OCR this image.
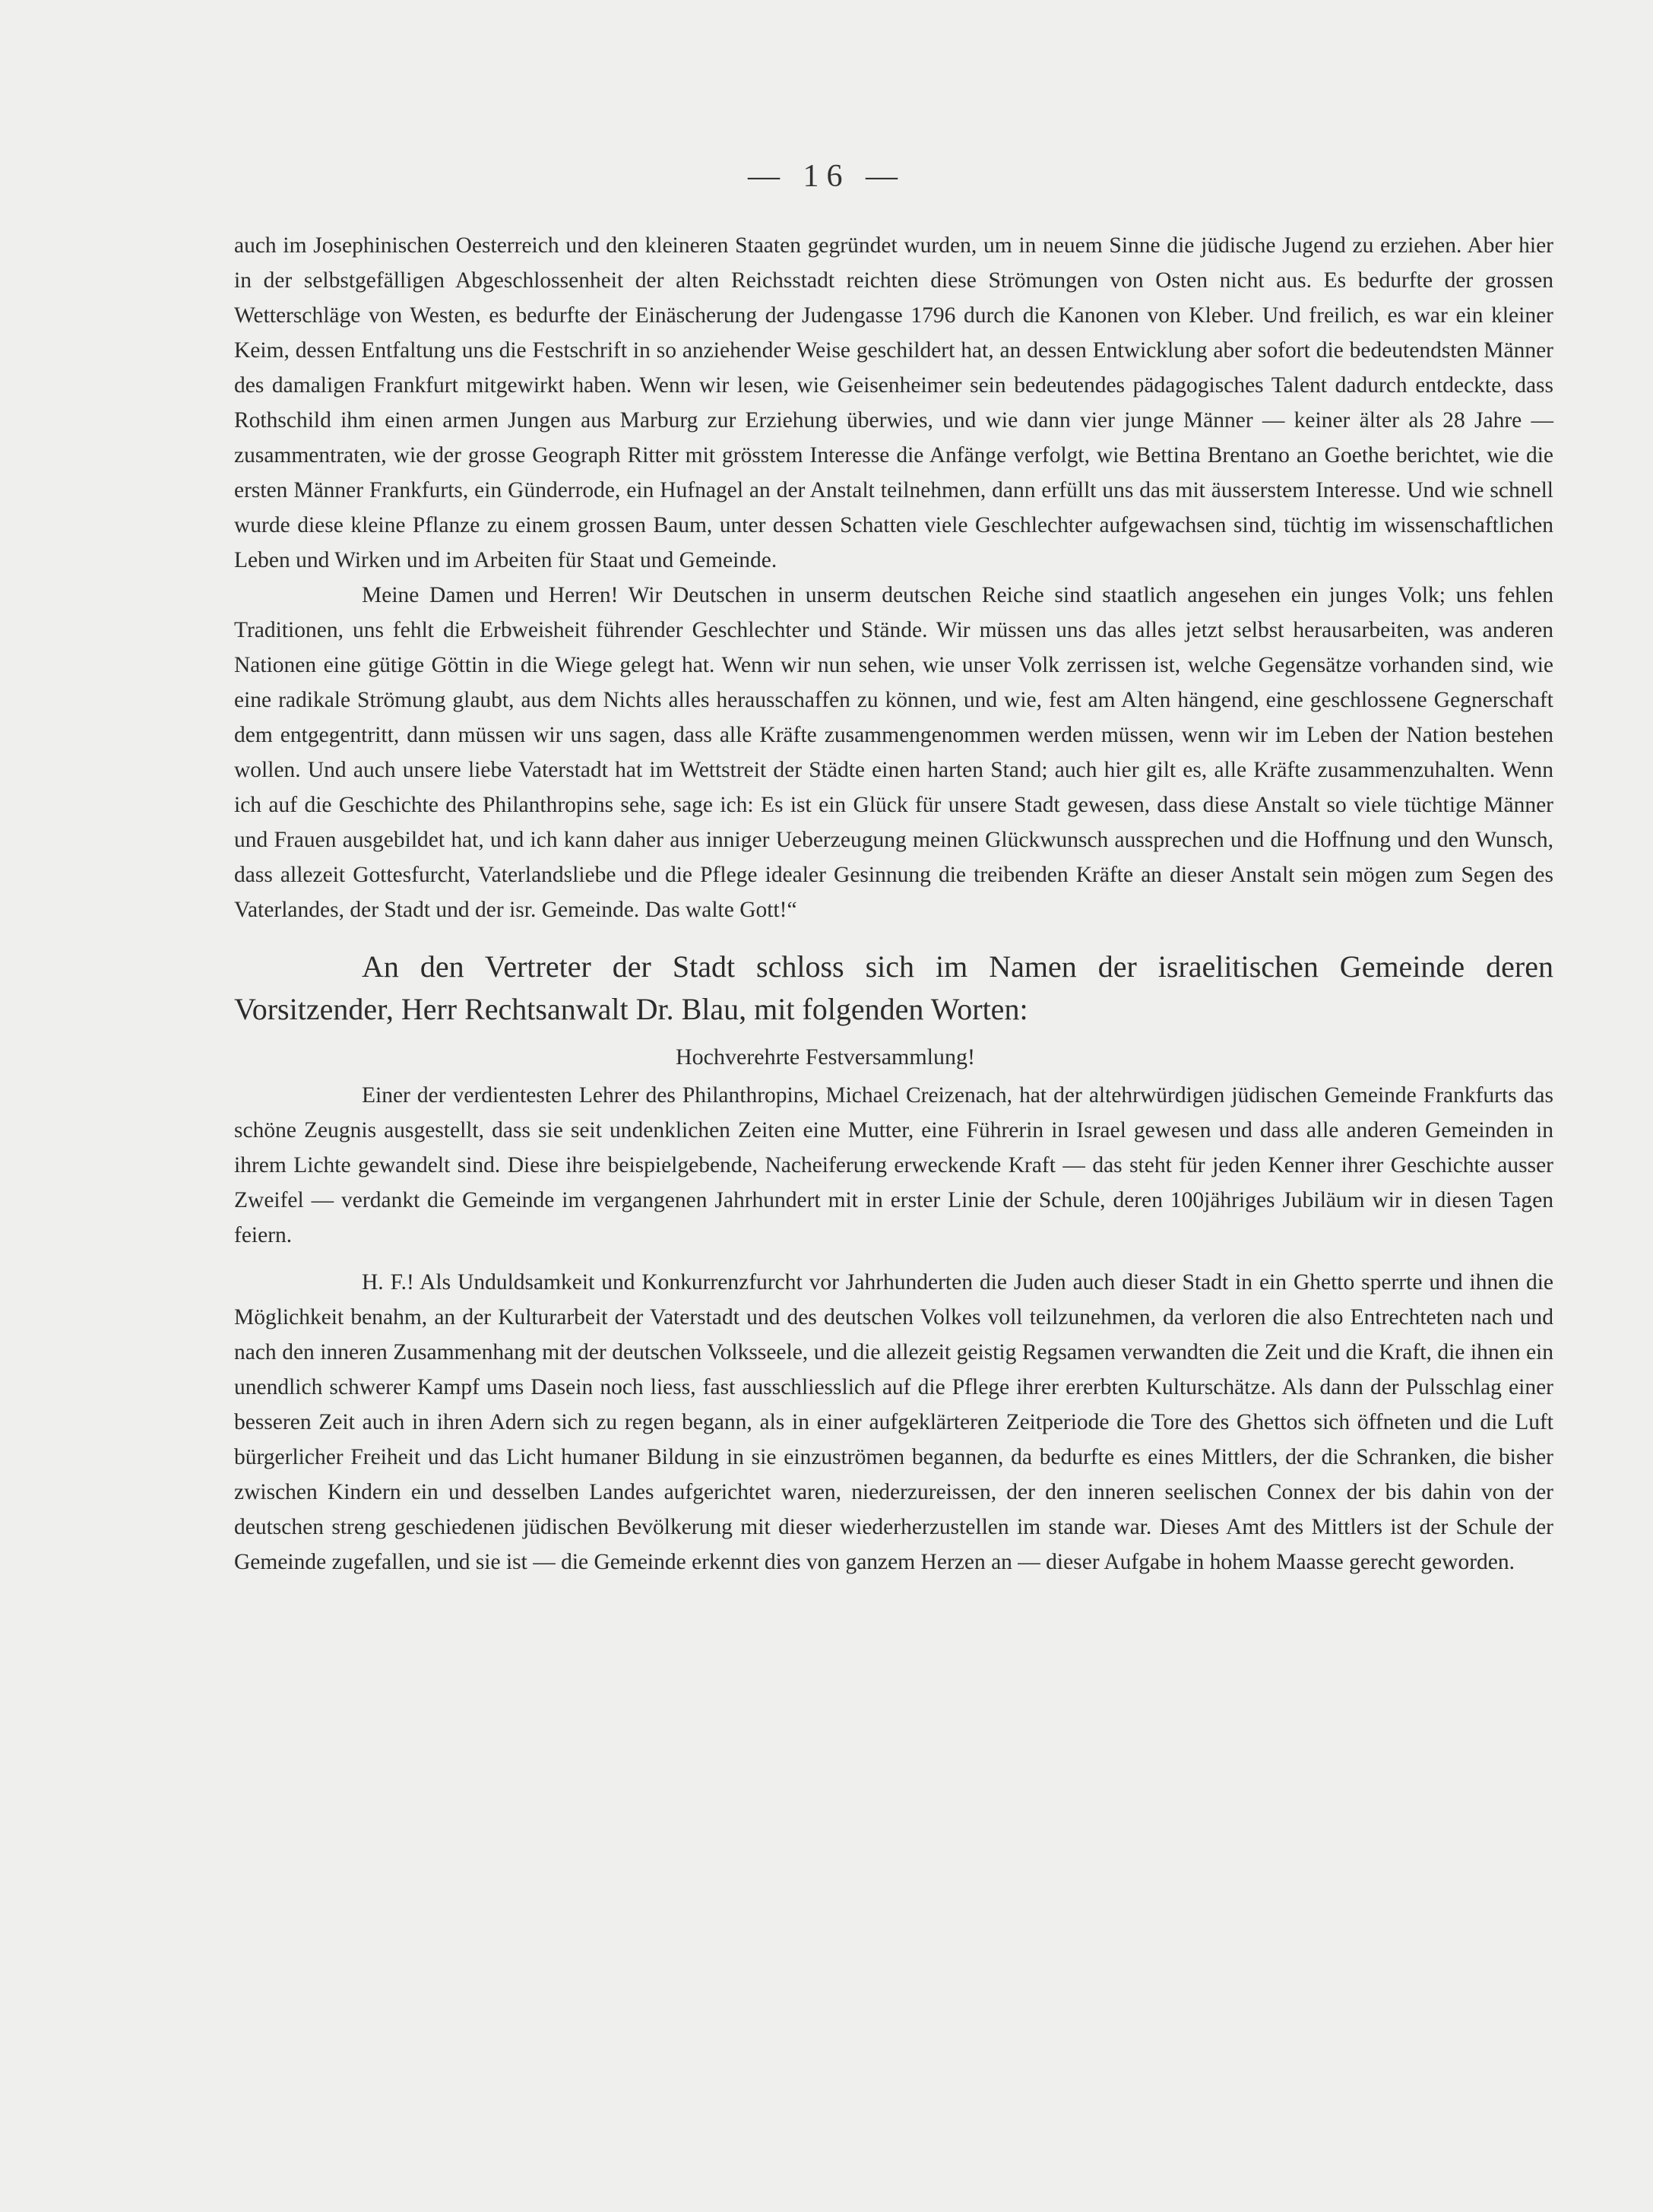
— 16 —

auch im Josephinischen Oesterreich und den kleineren Staaten gegründet wurden, um in neuem Sinne die jüdische Jugend zu erziehen. Aber hier in der selbstgefälligen Abgeschlossenheit der alten Reichsstadt reichten diese Strömungen von Osten nicht aus. Es bedurfte der grossen Wetterschläge von Westen, es bedurfte der Einäscherung der Judengasse 1796 durch die Kanonen von Kleber. Und freilich, es war ein kleiner Keim, dessen Entfaltung uns die Festschrift in so anziehender Weise geschildert hat, an dessen Entwicklung aber sofort die bedeutendsten Männer des damaligen Frankfurt mitgewirkt haben. Wenn wir lesen, wie Geisenheimer sein bedeutendes pädagogisches Talent dadurch entdeckte, dass Rothschild ihm einen armen Jungen aus Marburg zur Erziehung überwies, und wie dann vier junge Männer — keiner älter als 28 Jahre — zusammentraten, wie der grosse Geograph Ritter mit grösstem Interesse die Anfänge verfolgt, wie Bettina Brentano an Goethe berichtet, wie die ersten Männer Frankfurts, ein Günderrode, ein Hufnagel an der Anstalt teilnehmen, dann erfüllt uns das mit äusserstem Interesse. Und wie schnell wurde diese kleine Pflanze zu einem grossen Baum, unter dessen Schatten viele Geschlechter aufgewachsen sind, tüchtig im wissenschaftlichen Leben und Wirken und im Arbeiten für Staat und Gemeinde.

Meine Damen und Herren! Wir Deutschen in unserm deutschen Reiche sind staatlich angesehen ein junges Volk; uns fehlen Traditionen, uns fehlt die Erbweisheit führender Geschlechter und Stände. Wir müssen uns das alles jetzt selbst herausarbeiten, was anderen Nationen eine gütige Göttin in die Wiege gelegt hat. Wenn wir nun sehen, wie unser Volk zerrissen ist, welche Gegensätze vorhanden sind, wie eine radikale Strömung glaubt, aus dem Nichts alles herausschaffen zu können, und wie, fest am Alten hängend, eine geschlossene Gegnerschaft dem entgegentritt, dann müssen wir uns sagen, dass alle Kräfte zusammengenommen werden müssen, wenn wir im Leben der Nation bestehen wollen. Und auch unsere liebe Vaterstadt hat im Wettstreit der Städte einen harten Stand; auch hier gilt es, alle Kräfte zusammenzuhalten. Wenn ich auf die Geschichte des Philanthropins sehe, sage ich: Es ist ein Glück für unsere Stadt gewesen, dass diese Anstalt so viele tüchtige Männer und Frauen ausgebildet hat, und ich kann daher aus inniger Ueberzeugung meinen Glückwunsch aussprechen und die Hoffnung und den Wunsch, dass allezeit Gottesfurcht, Vaterlandsliebe und die Pflege idealer Gesinnung die treibenden Kräfte an dieser Anstalt sein mögen zum Segen des Vaterlandes, der Stadt und der isr. Gemeinde. Das walte Gott!“

An den Vertreter der Stadt schloss sich im Namen der israelitischen Gemeinde deren Vorsitzender, Herr Rechtsanwalt Dr. Blau, mit folgenden Worten:
Hochverehrte Festversammlung!

Einer der verdientesten Lehrer des Philanthropins, Michael Creizenach, hat der altehrwürdigen jüdischen Gemeinde Frankfurts das schöne Zeugnis ausgestellt, dass sie seit undenklichen Zeiten eine Mutter, eine Führerin in Israel gewesen und dass alle anderen Gemeinden in ihrem Lichte gewandelt sind. Diese ihre beispielgebende, Nacheiferung erweckende Kraft — das steht für jeden Kenner ihrer Geschichte ausser Zweifel — verdankt die Gemeinde im vergangenen Jahrhundert mit in erster Linie der Schule, deren 100jähriges Jubiläum wir in diesen Tagen feiern.

H. F.! Als Unduldsamkeit und Konkurrenzfurcht vor Jahrhunderten die Juden auch dieser Stadt in ein Ghetto sperrte und ihnen die Möglichkeit benahm, an der Kulturarbeit der Vaterstadt und des deutschen Volkes voll teilzunehmen, da verloren die also Entrechteten nach und nach den inneren Zusammenhang mit der deutschen Volksseele, und die allezeit geistig Regsamen verwandten die Zeit und die Kraft, die ihnen ein unendlich schwerer Kampf ums Dasein noch liess, fast ausschliesslich auf die Pflege ihrer ererbten Kulturschätze. Als dann der Pulsschlag einer besseren Zeit auch in ihren Adern sich zu regen begann, als in einer aufgeklärteren Zeitperiode die Tore des Ghettos sich öffneten und die Luft bürgerlicher Freiheit und das Licht humaner Bildung in sie einzuströmen begannen, da bedurfte es eines Mittlers, der die Schranken, die bisher zwischen Kindern ein und desselben Landes aufgerichtet waren, niederzureissen, der den inneren seelischen Connex der bis dahin von der deutschen streng geschiedenen jüdischen Bevölkerung mit dieser wiederherzustellen im stande war. Dieses Amt des Mittlers ist der Schule der Gemeinde zugefallen, und sie ist — die Gemeinde erkennt dies von ganzem Herzen an — dieser Aufgabe in hohem Maasse gerecht geworden.
